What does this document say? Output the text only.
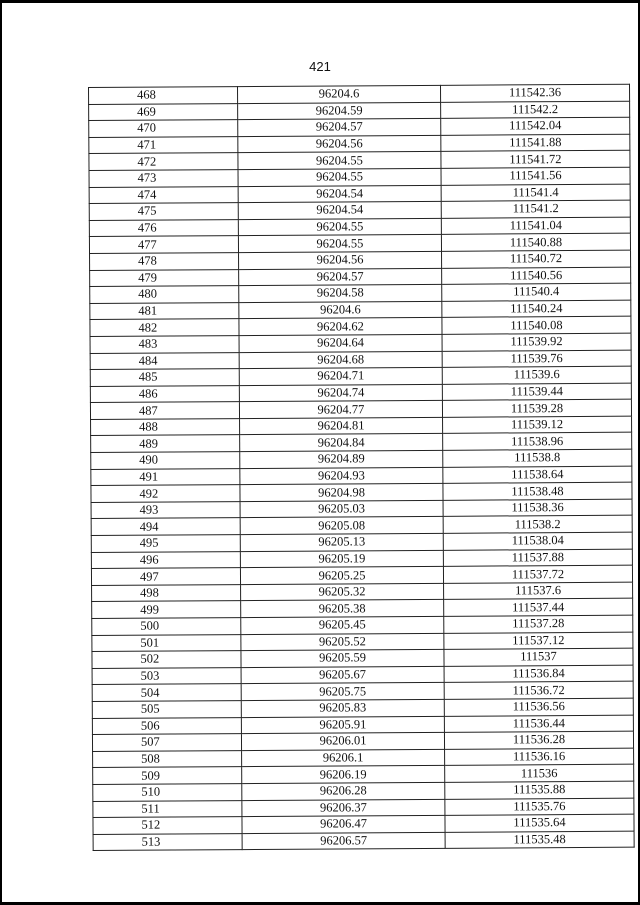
421
468	96204.6	111542.36
469	96204.59	111542.2
470	96204.57	111542.04
471	96204.56	111541.88
472	96204.55	111541.72
473	96204.55	111541.56
474	96204.54	111541.4
475	96204.54	111541.2
476	96204.55	111541.04
477	96204.55	111540.88
478	96204.56	111540.72
479	96204.57	111540.56
480	96204.58	111540.4
481	96204.6	111540.24
482	96204.62	111540.08
483	96204.64	111539.92
484	96204.68	111539.76
485	96204.71	111539.6
486	96204.74	111539.44
487	96204.77	111539.28
488	96204.81	111539.12
489	96204.84	111538.96
490	96204.89	111538.8
491	96204.93	111538.64
492	96204.98	111538.48
493	96205.03	111538.36
494	96205.08	111538.2
495	96205.13	111538.04
496	96205.19	111537.88
497	96205.25	111537.72
498	96205.32	111537.6
499	96205.38	111537.44
500	96205.45	111537.28
501	96205.52	111537.12
502	96205.59	111537
503	96205.67	111536.84
504	96205.75	111536.72
505	96205.83	111536.56
506	96205.91	111536.44
507	96206.01	111536.28
508	96206.1	111536.16
509	96206.19	111536
510	96206.28	111535.88
511	96206.37	111535.76
512	96206.47	111535.64
513	96206.57	111535.48
